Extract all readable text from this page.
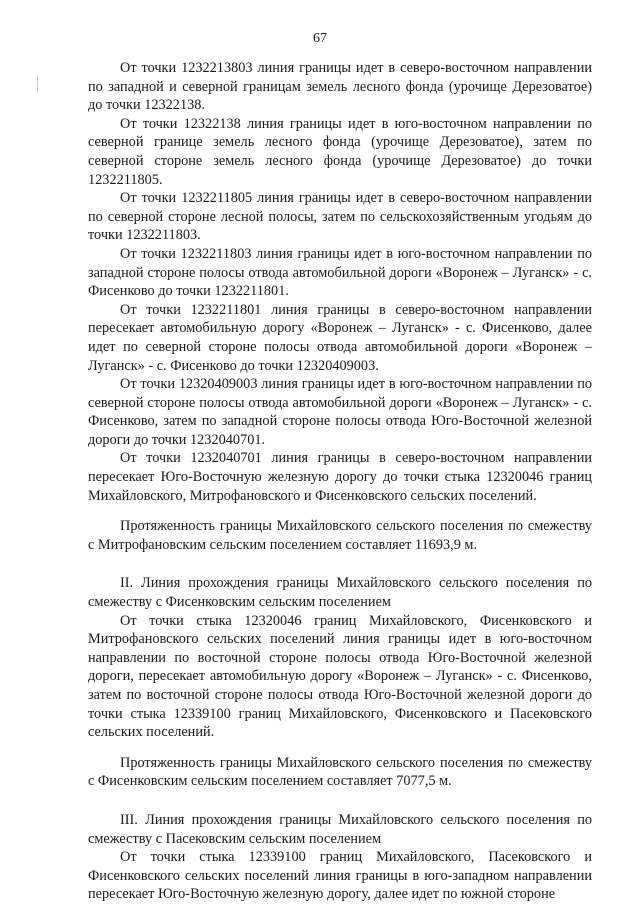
67

От точки 1232213803 линия границы идет в северо-восточном направлении по западной и северной границам земель лесного фонда (урочище Дерезоватое) до точки 12322138.

От точки 12322138 линия границы идет в юго-восточном направлении по северной границе земель лесного фонда (урочище Дерезоватое), затем по северной стороне земель лесного фонда (урочище Дерезоватое) до точки 1232211805.

От точки 1232211805 линия границы идет в северо-восточном направлении по северной стороне лесной полосы, затем по сельскохозяйственным угодьям до точки 1232211803.

От точки 1232211803 линия границы идет в юго-восточном направлении по западной стороне полосы отвода автомобильной дороги «Воронеж – Луганск» - с. Фисенково до точки 1232211801.

От точки 1232211801 линия границы в северо-восточном направлении пересекает автомобильную дорогу «Воронеж – Луганск» - с. Фисенково, далее идет по северной стороне полосы отвода автомобильной дороги «Воронеж – Луганск» - с. Фисенково до точки 12320409003.

От точки 12320409003 линия границы идет в юго-восточном направлении по северной стороне полосы отвода автомобильной дороги «Воронеж – Луганск» - с. Фисенково, затем по западной стороне полосы отвода Юго-Восточной железной дороги до точки 1232040701.

От точки 1232040701 линия границы в северо-восточном направлении пересекает Юго-Восточную железную дорогу до точки стыка 12320046 границ Михайловского, Митрофановского и Фисенковского сельских поселений.

Протяженность границы Михайловского сельского поселения по смежеству с Митрофановским сельским поселением составляет 11693,9 м.

II. Линия прохождения границы Михайловского сельского поселения по смежеству с Фисенковским сельским поселением

От точки стыка 12320046 границ Михайловского, Фисенковского и Митрофановского сельских поселений линия границы идет в юго-восточном направлении по восточной стороне полосы отвода Юго-Восточной железной дороги, пересекает автомобильную дорогу «Воронеж – Луганск» - с. Фисенково, затем по восточной стороне полосы отвода Юго-Восточной железной дороги до точки стыка 12339100 границ Михайловского, Фисенковского и Пасековского сельских поселений.

Протяженность границы Михайловского сельского поселения по смежеству с Фисенковским сельским поселением составляет 7077,5 м.

III. Линия прохождения границы Михайловского сельского поселения по смежеству с Пасековским сельским поселением

От точки стыка 12339100 границ Михайловского, Пасековского и Фисенковского сельских поселений линия границы в юго-западном направлении пересекает Юго-Восточную железную дорогу, далее идет по южной стороне
